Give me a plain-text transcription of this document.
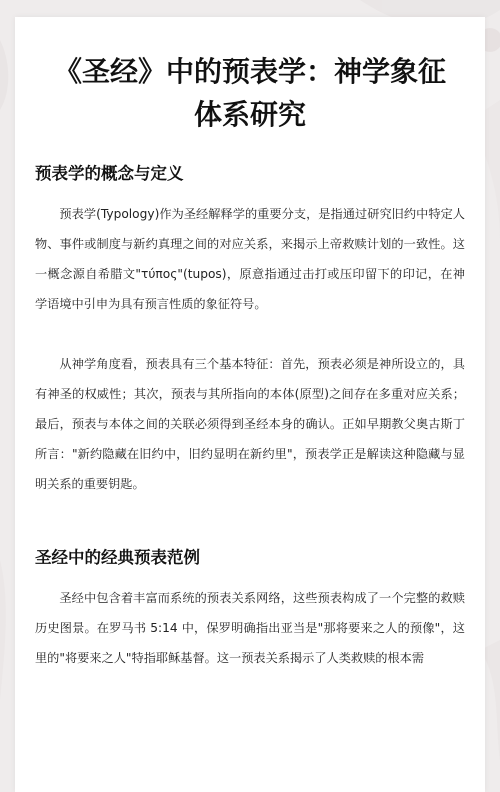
《圣经》中的预表学：神学象征体系研究
预表学的概念与定义
预表学(Typology)作为圣经解释学的重要分支，是指通过研究旧约中特定人物、事件或制度与新约真理之间的对应关系，来揭示上帝救赎计划的一致性。这一概念源自希腊文"τύπος"(tupos)，原意指通过击打或压印留下的印记，在神学语境中引申为具有预言性质的象征符号。
从神学角度看，预表具有三个基本特征：首先，预表必须是神所设立的，具有神圣的权威性；其次，预表与其所指向的本体(原型)之间存在多重对应关系；最后，预表与本体之间的关联必须得到圣经本身的确认。正如早期教父奥古斯丁所言："新约隐藏在旧约中，旧约显明在新约里"，预表学正是解读这种隐藏与显明关系的重要钥匙。
圣经中的经典预表范例
圣经中包含着丰富而系统的预表关系网络，这些预表构成了一个完整的救赎历史图景。在罗马书 5:14 中，保罗明确指出亚当是"那将要来之人的预像"，这里的"将要来之人"特指耶稣基督。这一预表关系揭示了人类救赎的根本需
